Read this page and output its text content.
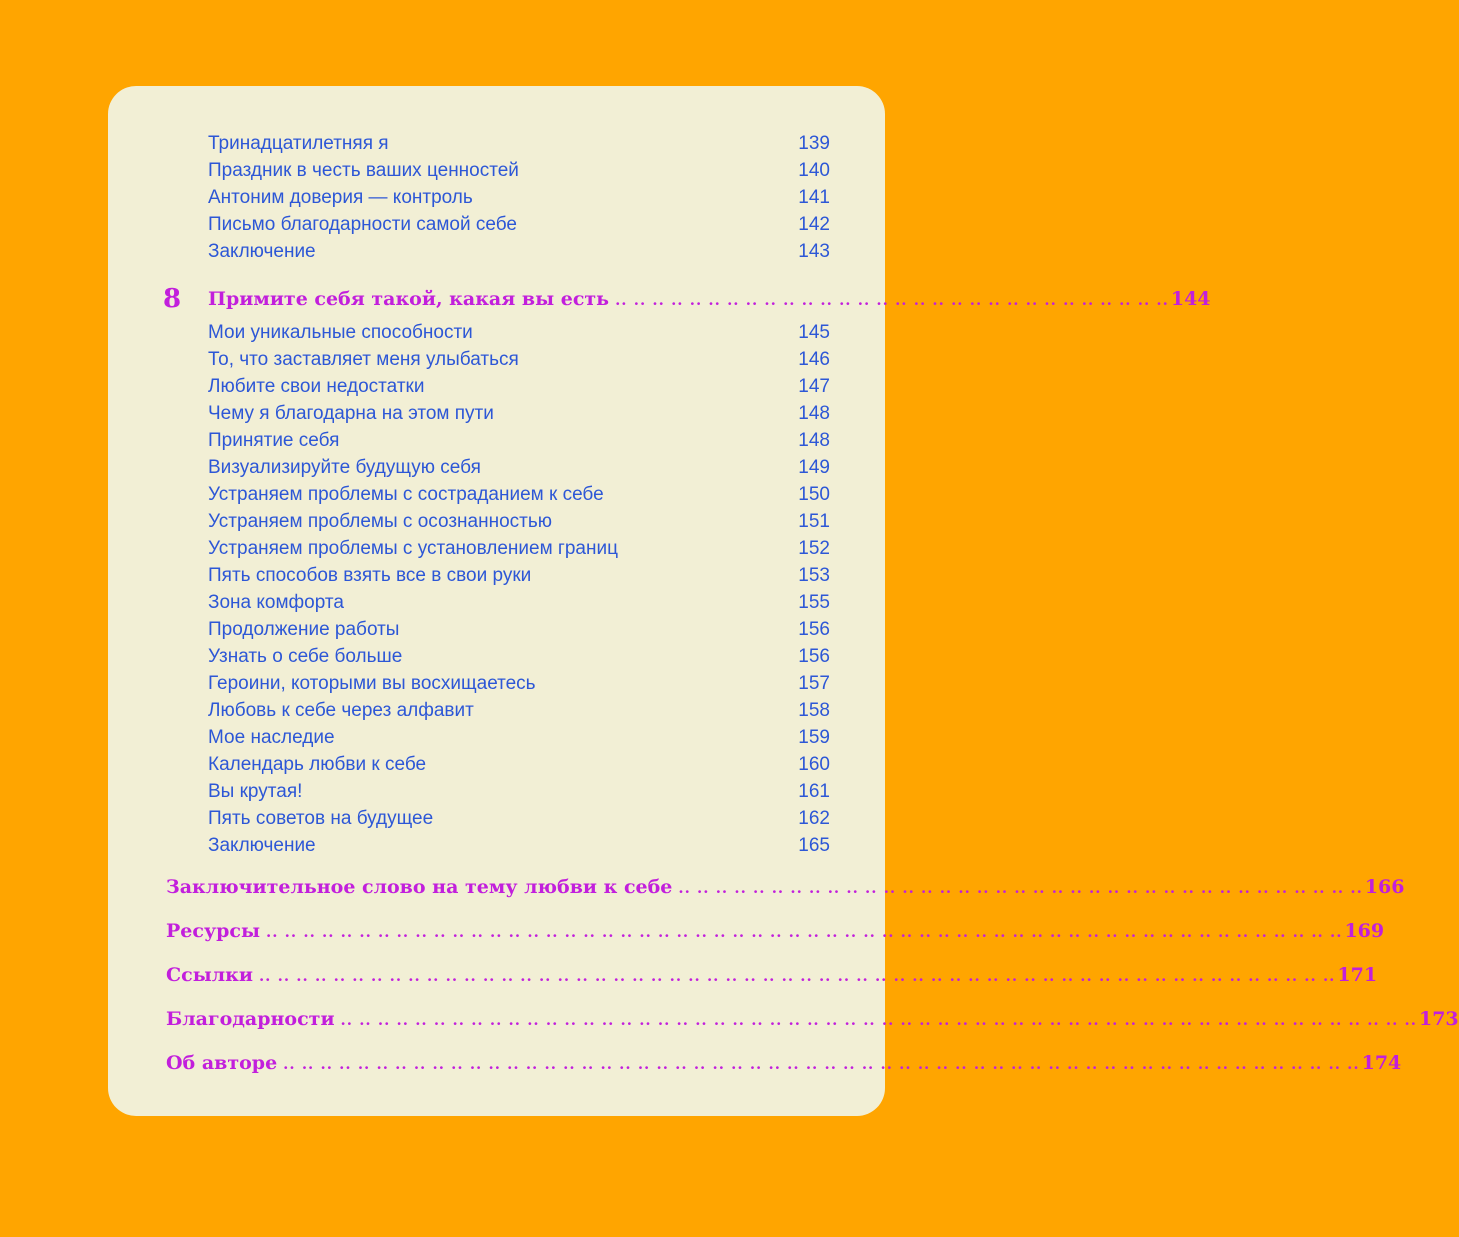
Тринадцатилетняя я	139
Праздник в честь ваших ценностей	140
Антоним доверия — контроль	141
Письмо благодарности самой себе	142
Заключение	143
8 Примите себя такой, какая вы есть .. .. .. .. .. .. .. .. .. .. .. .. .. .. .. .. .. .. .. .. .. .. .. .. .. .. .. .. .. .. 144
Мои уникальные способности	145
То, что заставляет меня улыбаться	146
Любите свои недостатки	147
Чему я благодарна на этом пути	148
Принятие себя	148
Визуализируйте будущую себя	149
Устраняем проблемы с состраданием к себе	150
Устраняем проблемы с осознанностью	151
Устраняем проблемы с установлением границ	152
Пять способов взять все в свои руки	153
Зона комфорта	155
Продолжение работы	156
Узнать о себе больше	156
Героини, которыми вы восхищаетесь	157
Любовь к себе через алфавит	158
Мое наследие	159
Календарь любви к себе	160
Вы крутая!	161
Пять советов на будущее	162
Заключение	165
Заключительное слово на тему любви к себе .. .. .. .. .. .. .. .. .. .. .. .. .. .. .. .. .. .. .. .. .. .. .. .. .. .. .. .. .. .. .. .. .. .. .. .. .. 166
Ресурсы .. .. .. .. .. .. .. .. .. .. .. .. .. .. .. .. .. .. .. .. .. .. .. .. .. .. .. .. .. .. .. .. .. .. .. .. .. .. .. .. .. .. .. .. .. .. .. .. .. .. .. .. .. .. .. .. .. .. 169
Ссылки .. .. .. .. .. .. .. .. .. .. .. .. .. .. .. .. .. .. .. .. .. .. .. .. .. .. .. .. .. .. .. .. .. .. .. .. .. .. .. .. .. .. .. .. .. .. .. .. .. .. .. .. .. .. .. .. .. .. 171
Благодарности .. .. .. .. .. .. .. .. .. .. .. .. .. .. .. .. .. .. .. .. .. .. .. .. .. .. .. .. .. .. .. .. .. .. .. .. .. .. .. .. .. .. .. .. .. .. .. .. .. .. .. .. .. .. .. .. .. .. 173
Об авторе .. .. .. .. .. .. .. .. .. .. .. .. .. .. .. .. .. .. .. .. .. .. .. .. .. .. .. .. .. .. .. .. .. .. .. .. .. .. .. .. .. .. .. .. .. .. .. .. .. .. .. .. .. .. .. .. .. .. 174
